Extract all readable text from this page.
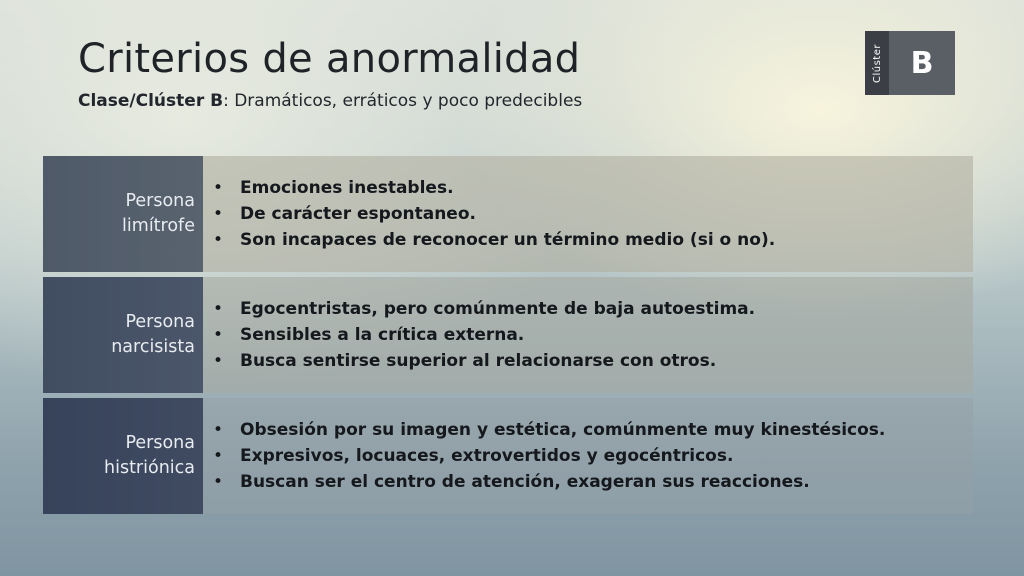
Criterios de anormalidad

Clase/Clúster B: Dramáticos, erráticos y poco predecibles

Clúster B
Persona
limítrofe
• Emociones inestables.
• De carácter espontaneo.
• Son incapaces de reconocer un término medio (si o no).
Persona
narcisista
• Egocentristas, pero comúnmente de baja autoestima.
• Sensibles a la crítica externa.
• Busca sentirse superior al relacionarse con otros.
Persona
histriónica
• Obsesión por su imagen y estética, comúnmente muy kinestésicos.
• Expresivos, locuaces, extrovertidos y egocéntricos.
• Buscan ser el centro de atención, exageran sus reacciones.
